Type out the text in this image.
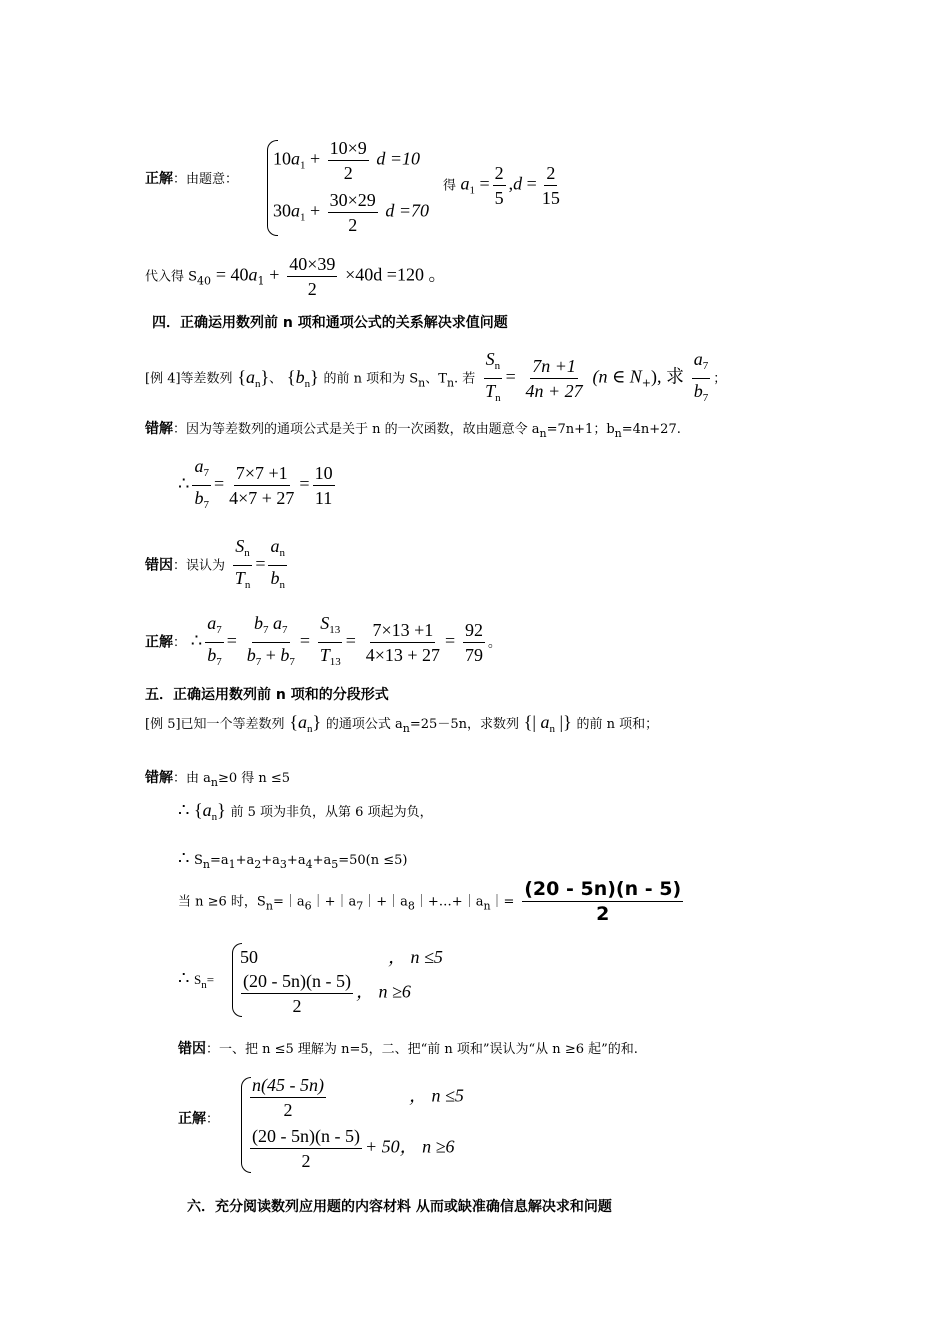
正解：由题意：
$10a_1 + \frac{10\times 9}{2}$ d =10
$30a_1 + \frac{30\times 29}{2}$ d =70
得 $a_1 = \frac{2}{5} ,d = \frac{2}{15}$
代入得 $S_{40} = 40a_1 + \frac{40\times 39}{2} \times 40d =120$ 。
四．正确运用数列前 n 项和通项公式的关系解决求值问题
[例 4]等差数列 $\{a_n\}$、 $\{b_n\}$ 的前 n 项和为 $S_n$、$T_n$. 若 $\frac{S_n}{T_n} = \frac{7n +1}{4n + 27} (n$ ∈ $N_+$), 求 $\frac{a_7}{b_7}$ ；
错解：因为等差数列的通项公式是关于 n 的一次函数，故由题意令 $a_n=7n+1$；$b_n=4n+27$.
∴ $\frac{a_7}{b_7} = \frac{7\times 7 +1}{4\times 7 + 27} = \frac{10}{11}$
错因：误认为 $\frac{S_n}{T_n} = \frac{a_n}{b_n}$
正解： ∴ $\frac{a_7}{b_7} = \frac{b_7 a_7}{b_7 + b_7} = \frac{S_{13}}{T_{13}} = \frac{7\times 13 +1}{4\times 13 + 27} = \frac{92}{79}$ 。
五．正确运用数列前 n 项和的分段形式
[例 5]已知一个等差数列 $\{a_n\}$ 的通项公式 $a_n=25-5n$，求数列 {| $a_n$ |} 的前 n 项和；
错解：由 $a_n\ge 0$ 得 n ≤5
∴ $\{a_n\}$ 前 5 项为非负，从第 6 项起为负，
∴ $S_n=a_1+a_2+a_3+a_4+a_5=50(n \le 5)$
当 n ≥6 时，$S_n=|a_6|+|a_7|+|a_8|+\dots+|a_n|= \frac{(20 - 5n)(n - 5)}{2}$
∴ $S_n=$
50	， n ≤5
$\frac{(20 - 5n)(n - 5)}{2}$ ， n ≥6
错因：一、把 n ≤5 理解为 n=5，二、把“前 n 项和”误认为“从 n ≥6 起”的和.
正解： $\frac{n(45 - 5n)}{2}$	， n ≤5
$\frac{(20 - 5n)(n - 5)}{2} + 50$， n ≥6
六．充分阅读数列应用题的内容材料 从而或缺准确信息解决求和问题
